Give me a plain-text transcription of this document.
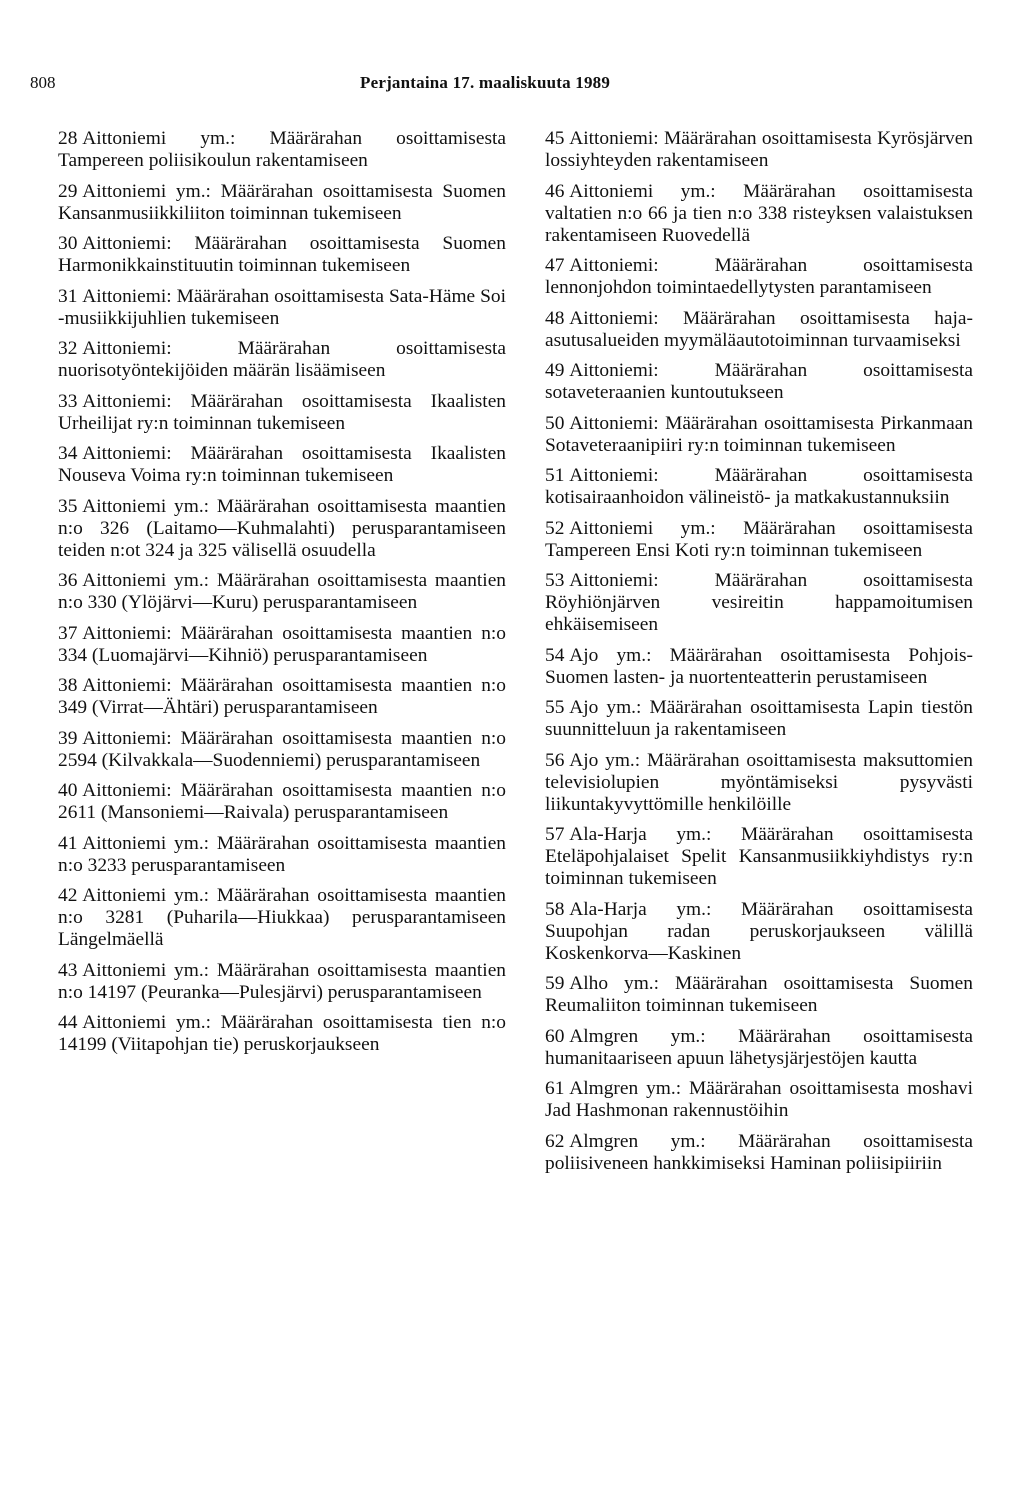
808	Perjantaina 17. maaliskuuta 1989

28 Aittoniemi ym.: Määrärahan osoittamisesta Tampereen poliisikoulun rakentamiseen

29 Aittoniemi ym.: Määrärahan osoittamisesta Suomen Kansanmusiikkiliiton toiminnan tukemiseen

30 Aittoniemi: Määrärahan osoittamisesta Suomen Harmonikkainstituutin toiminnan tukemiseen

31 Aittoniemi: Määrärahan osoittamisesta Sata-Häme Soi -musiikkijuhlien tukemiseen

32 Aittoniemi: Määrärahan osoittamisesta nuorisotyöntekijöiden määrän lisäämiseen

33 Aittoniemi: Määrärahan osoittamisesta Ikaalisten Urheilijat ry:n toiminnan tukemiseen

34 Aittoniemi: Määrärahan osoittamisesta Ikaalisten Nouseva Voima ry:n toiminnan tukemiseen

35 Aittoniemi ym.: Määrärahan osoittamisesta maantien n:o 326 (Laitamo—Kuhmalahti) perusparantamiseen teiden n:ot 324 ja 325 välisellä osuudella

36 Aittoniemi ym.: Määrärahan osoittamisesta maantien n:o 330 (Ylöjärvi—Kuru) perusparantamiseen

37 Aittoniemi: Määrärahan osoittamisesta maantien n:o 334 (Luomajärvi—Kihniö) perusparantamiseen

38 Aittoniemi: Määrärahan osoittamisesta maantien n:o 349 (Virrat—Ähtäri) perusparantamiseen

39 Aittoniemi: Määrärahan osoittamisesta maantien n:o 2594 (Kilvakkala—Suodenniemi) perusparantamiseen

40 Aittoniemi: Määrärahan osoittamisesta maantien n:o 2611 (Mansoniemi—Raivala) perusparantamiseen

41 Aittoniemi ym.: Määrärahan osoittamisesta maantien n:o 3233 perusparantamiseen

42 Aittoniemi ym.: Määrärahan osoittamisesta maantien n:o 3281 (Puharila—Hiukkaa) perusparantamiseen Längelmäellä

43 Aittoniemi ym.: Määrärahan osoittamisesta maantien n:o 14197 (Peuranka—Pulesjärvi) perusparantamiseen

44 Aittoniemi ym.: Määrärahan osoittamisesta tien n:o 14199 (Viitapohjan tie) peruskorjaukseen

45 Aittoniemi: Määrärahan osoittamisesta Kyrösjärven lossiyhteyden rakentamiseen

46 Aittoniemi ym.: Määrärahan osoittamisesta valtatien n:o 66 ja tien n:o 338 risteyksen valaistuksen rakentamiseen Ruovedellä

47 Aittoniemi: Määrärahan osoittamisesta lennonjohdon toimintaedellytysten parantamiseen

48 Aittoniemi: Määrärahan osoittamisesta haja-asutusalueiden myymäläautotoiminnan turvaamiseksi

49 Aittoniemi: Määrärahan osoittamisesta sotaveteraanien kuntoutukseen

50 Aittoniemi: Määrärahan osoittamisesta Pirkanmaan Sotaveteraanipiiri ry:n toiminnan tukemiseen

51 Aittoniemi: Määrärahan osoittamisesta kotisairaanhoidon välineistö- ja matkakustannuksiin

52 Aittoniemi ym.: Määrärahan osoittamisesta Tampereen Ensi Koti ry:n toiminnan tukemiseen

53 Aittoniemi: Määrärahan osoittamisesta Röyhiönjärven vesireitin happamoitumisen ehkäisemiseen

54 Ajo ym.: Määrärahan osoittamisesta Pohjois-Suomen lasten- ja nuortenteatterin perustamiseen

55 Ajo ym.: Määrärahan osoittamisesta Lapin tiestön suunnitteluun ja rakentamiseen

56 Ajo ym.: Määrärahan osoittamisesta maksuttomien televisiolupien myöntämiseksi pysyvästi liikuntakyvyttömille henkilöille

57 Ala-Harja ym.: Määrärahan osoittamisesta Eteläpohjalaiset Spelit Kansanmusiikkiyhdistys ry:n toiminnan tukemiseen

58 Ala-Harja ym.: Määrärahan osoittamisesta Suupohjan radan peruskorjaukseen välillä Koskenkorva—Kaskinen

59 Alho ym.: Määrärahan osoittamisesta Suomen Reumaliiton toiminnan tukemiseen

60 Almgren ym.: Määrärahan osoittamisesta humanitaariseen apuun lähetysjärjestöjen kautta

61 Almgren ym.: Määrärahan osoittamisesta moshavi Jad Hashmonan rakennustöihin

62 Almgren ym.: Määrärahan osoittamisesta poliisiveneen hankkimiseksi Haminan poliisipiiriin
